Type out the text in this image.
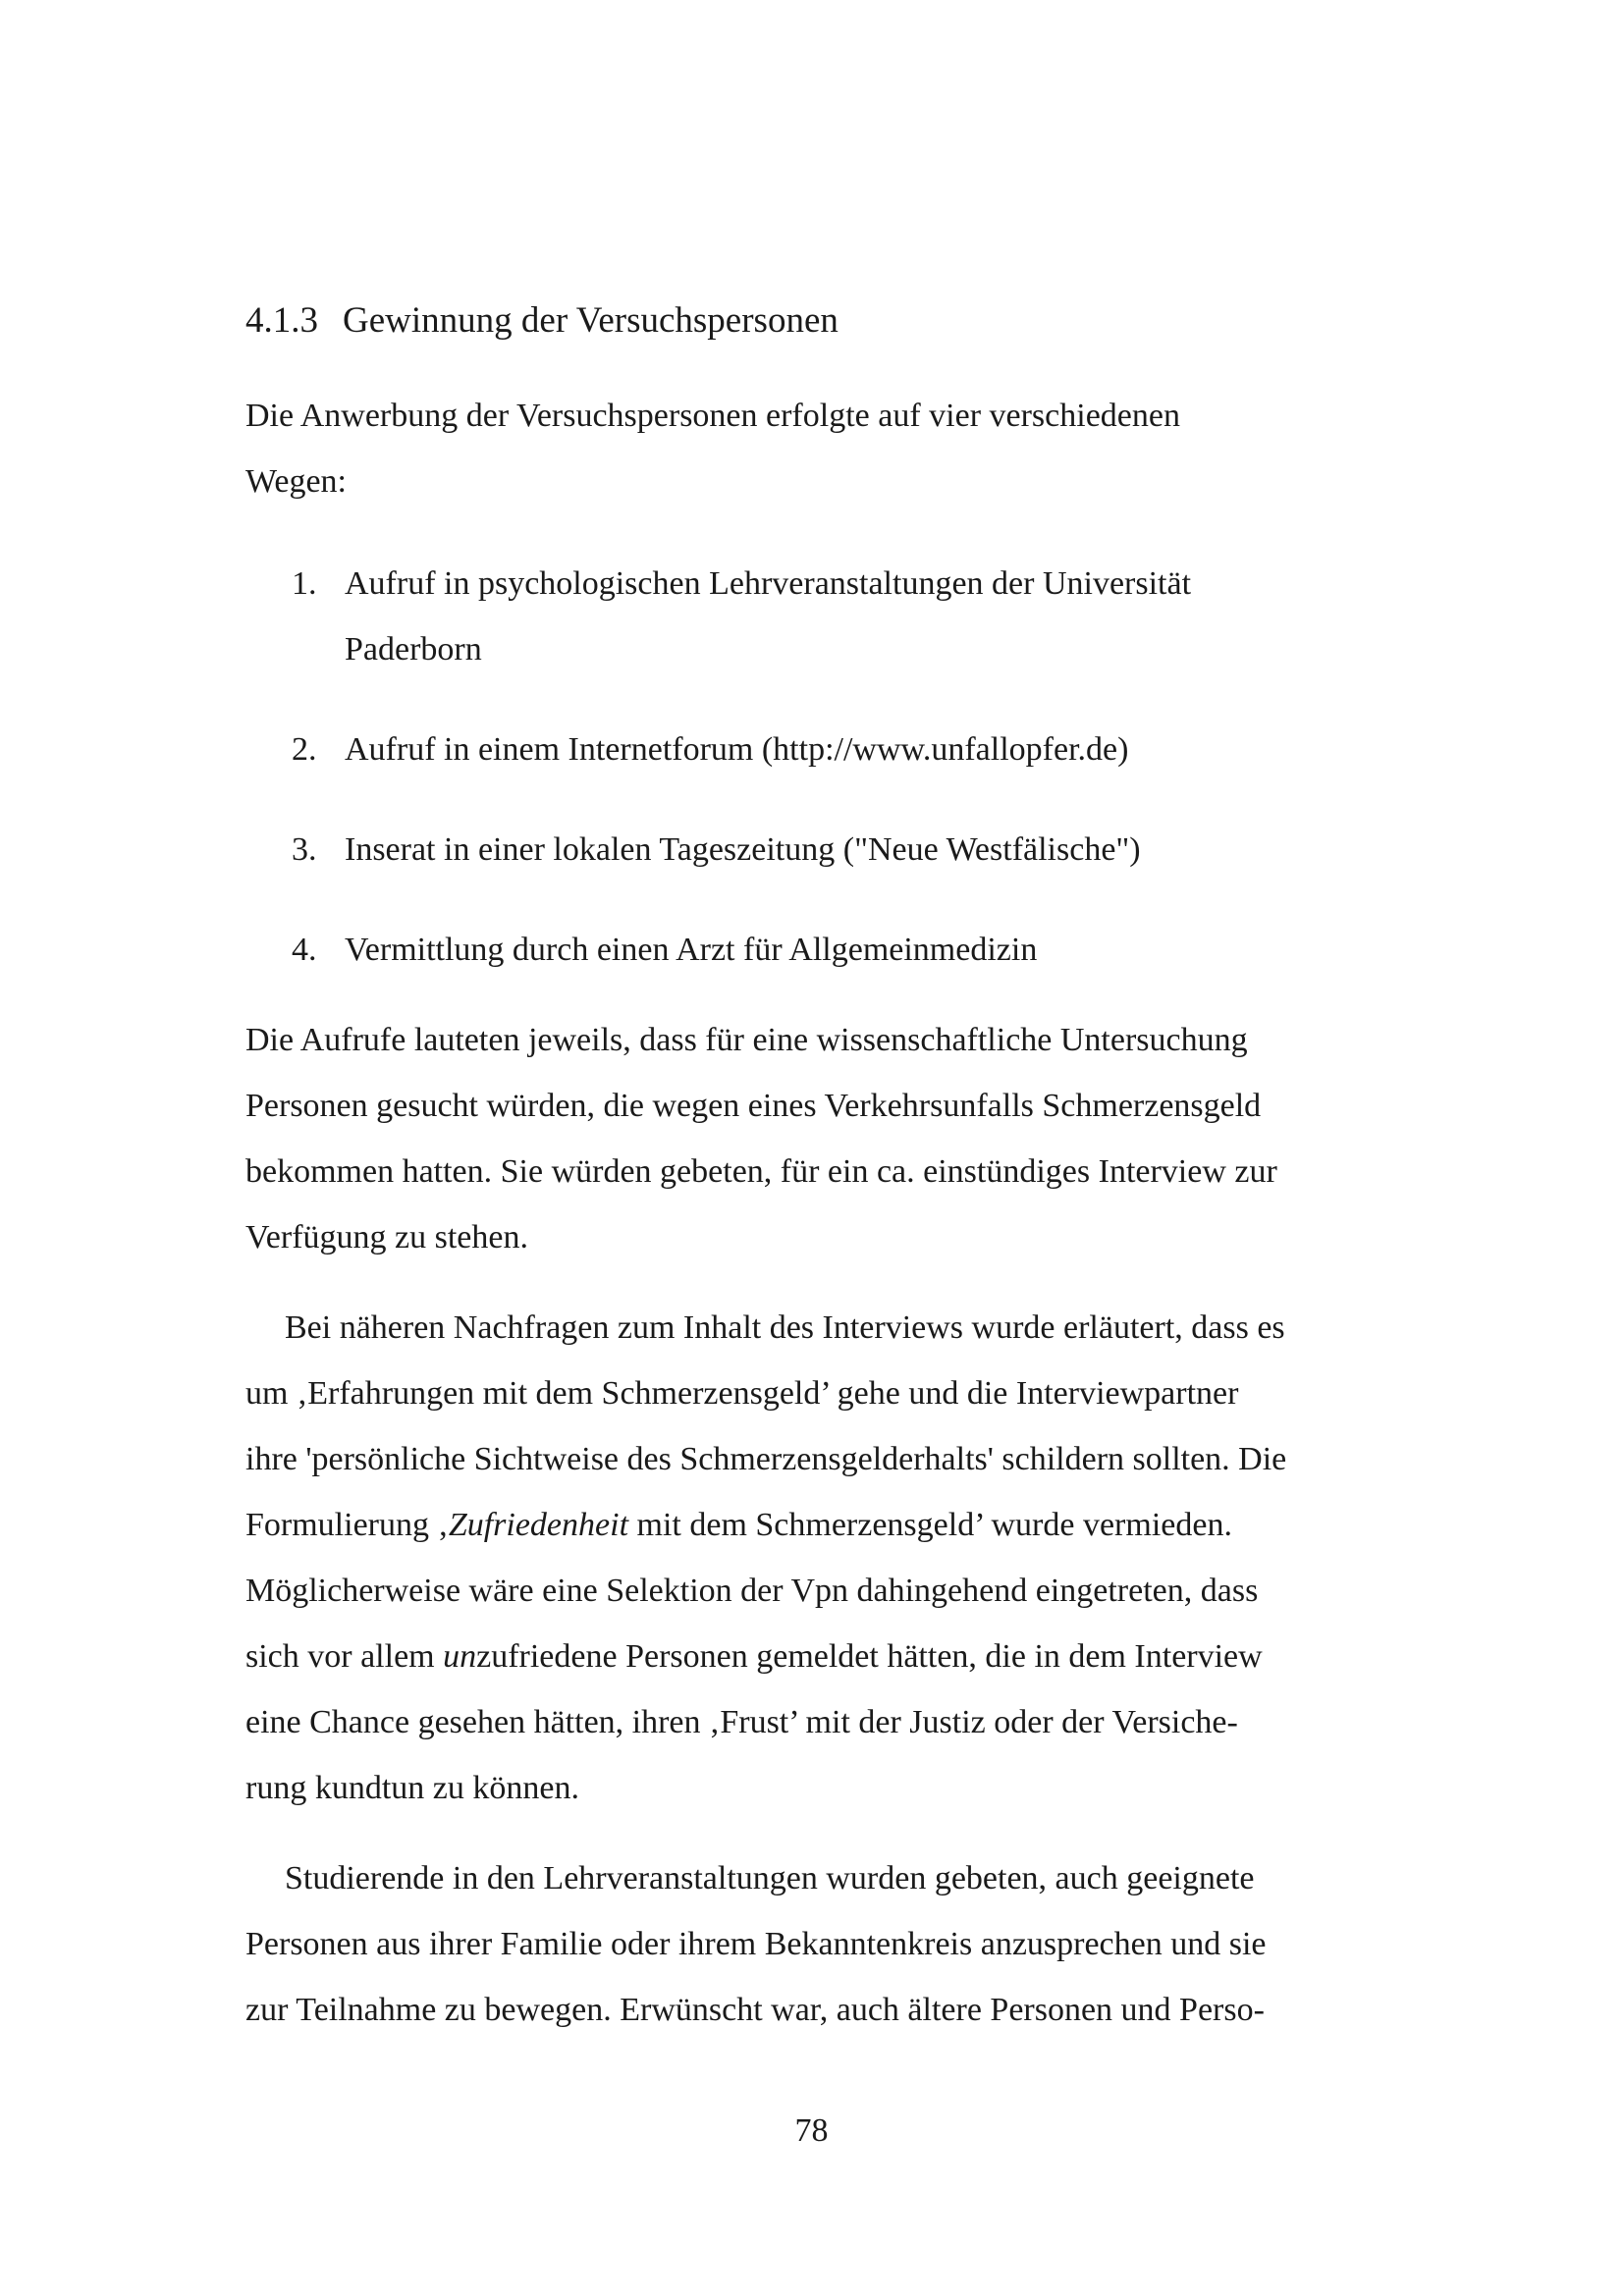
4.1.3 Gewinnung der Versuchspersonen
Die Anwerbung der Versuchspersonen erfolgte auf vier verschiedenen
Wegen:
1. Aufruf in psychologischen Lehrveranstaltungen der Universität
Paderborn
2. Aufruf in einem Internetforum (http://www.unfallopfer.de)
3. Inserat in einer lokalen Tageszeitung ("Neue Westfälische")
4. Vermittlung durch einen Arzt für Allgemeinmedizin
Die Aufrufe lauteten jeweils, dass für eine wissenschaftliche Untersuchung
Personen gesucht würden, die wegen eines Verkehrsunfalls Schmerzensgeld
bekommen hatten. Sie würden gebeten, für ein ca. einstündiges Interview zur
Verfügung zu stehen.
Bei näheren Nachfragen zum Inhalt des Interviews wurde erläutert, dass es
um ‚Erfahrungen mit dem Schmerzensgeld’ gehe und die Interviewpartner
ihre 'persönliche Sichtweise des Schmerzensgelderhalts' schildern sollten. Die
Formulierung ‚Zufriedenheit mit dem Schmerzensgeld’ wurde vermieden.
Möglicherweise wäre eine Selektion der Vpn dahingehend eingetreten, dass
sich vor allem unzufriedene Personen gemeldet hätten, die in dem Interview
eine Chance gesehen hätten, ihren ‚Frust’ mit der Justiz oder der Versiche-
rung kundtun zu können.
Studierende in den Lehrveranstaltungen wurden gebeten, auch geeignete
Personen aus ihrer Familie oder ihrem Bekanntenkreis anzusprechen und sie
zur Teilnahme zu bewegen. Erwünscht war, auch ältere Personen und Perso-
78
